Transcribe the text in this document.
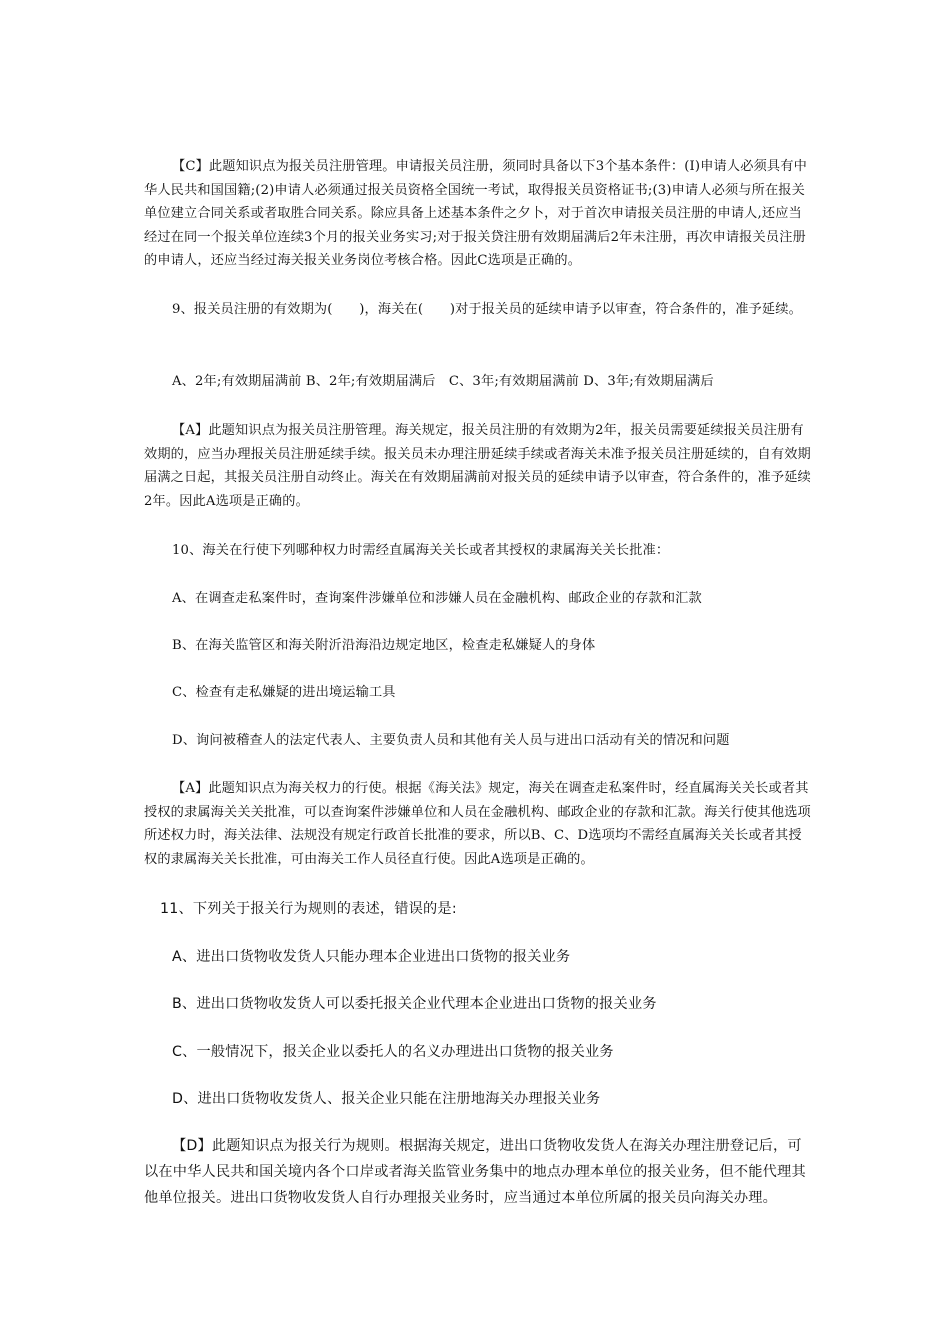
【C】此题知识点为报关员注册管理。申请报关员注册，须同时具备以下3个基本条件：(I)申请人必须具有中华人民共和国国籍;(2)申请人必须通过报关员资格全国统一考试，取得报关员资格证书;(3)申请人必须与所在报关单位建立合同关系或者取胜合同关系。除应具备上述基本条件之夕卜，对于首次申请报关员注册的申请人,还应当经过在同一个报关单位连续3个月的报关业务实习;对于报关贷注册有效期届满后2年未注册，再次申请报关员注册的申请人，还应当经过海关报关业务岗位考核合格。因此C选项是正确的。

9、报关员注册的有效期为(　　)，海关在(　　)对于报关员的延续申请予以审查，符合条件的，准予延续。

A、2年;有效期届满前 B、2年;有效期届满后　C、3年;有效期届满前 D、3年;有效期届满后

【A】此题知识点为报关员注册管理。海关规定，报关员注册的有效期为2年，报关员需要延续报关员注册有效期的，应当办理报关员注册延续手续。报关员未办理注册延续手续或者海关未准予报关员注册延续的，自有效期届满之日起，其报关员注册自动终止。海关在有效期届满前对报关员的延续申请予以审查，符合条件的，准予延续2年。因此A选项是正确的。

10、海关在行使下列哪种权力时需经直属海关关长或者其授权的隶属海关关长批准：

A、在调查走私案件时，查询案件涉嫌单位和涉嫌人员在金融机构、邮政企业的存款和汇款

B、在海关监管区和海关附沂沿海沿边规定地区，检查走私嫌疑人的身体

C、检查有走私嫌疑的进出境运输工具

D、询问被稽查人的法定代表人、主要负责人员和其他有关人员与进出口活动有关的情况和问题

【A】此题知识点为海关权力的行使。根据《海关法》规定，海关在调查走私案件时，经直属海关关长或者其授权的隶属海关关关批准，可以查询案件涉嫌单位和人员在金融机构、邮政企业的存款和汇款。海关行使其他选项所述权力时，海关法律、法规没有规定行政首长批准的要求，所以B、C、D选项均不需经直属海关关长或者其授权的隶属海关关长批准，可由海关工作人员径直行使。因此A选项是正确的。

11、下列关于报关行为规则的表述，错误的是:

A、进出口货物收发货人只能办理本企业进出口货物的报关业务

B、进出口货物收发货人可以委托报关企业代理本企业进出口货物的报关业务

C、一般情况下，报关企业以委托人的名义办理进出口货物的报关业务

D、进出口货物收发货人、报关企业只能在注册地海关办理报关业务

【D】此题知识点为报关行为规则。根据海关规定，进出口货物收发货人在海关办理注册登记后，可以在中华人民共和国关境内各个口岸或者海关监管业务集中的地点办理本单位的报关业务，但不能代理其他单位报关。进出口货物收发货人自行办理报关业务时，应当通过本单位所属的报关员向海关办理。
